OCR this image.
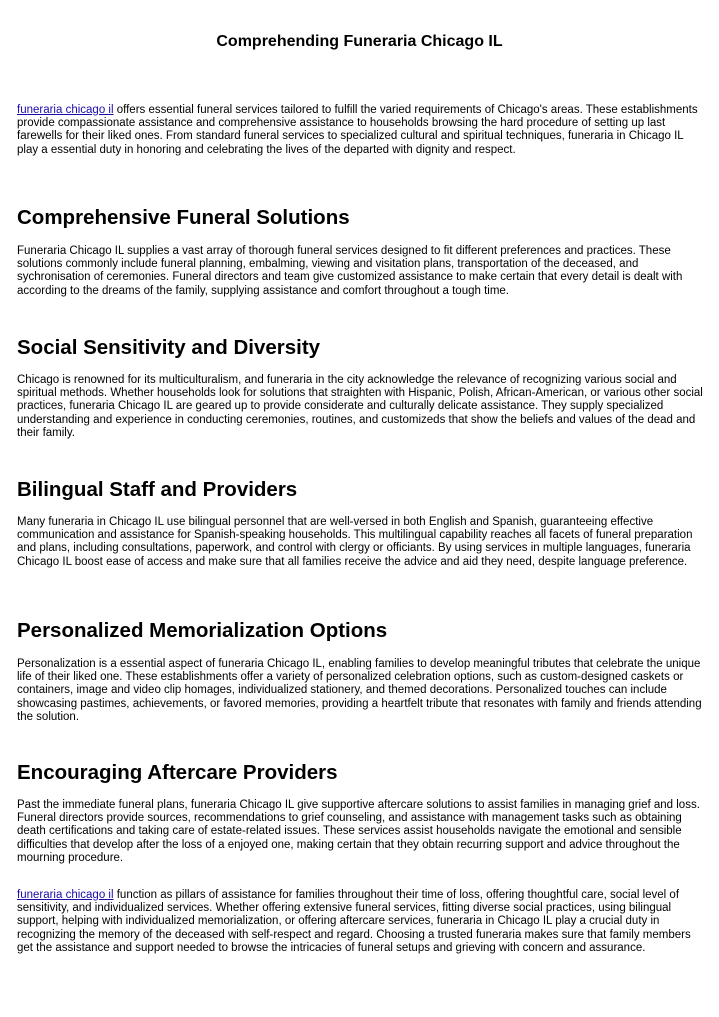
Comprehending Funeraria Chicago IL

funeraria chicago il offers essential funeral services tailored to fulfill the varied requirements of Chicago's areas. These establishments provide compassionate assistance and comprehensive assistance to households browsing the hard procedure of setting up last farewells for their liked ones. From standard funeral services to specialized cultural and spiritual techniques, funeraria in Chicago IL play a essential duty in honoring and celebrating the lives of the departed with dignity and respect.

Comprehensive Funeral Solutions

Funeraria Chicago IL supplies a vast array of thorough funeral services designed to fit different preferences and practices. These solutions commonly include funeral planning, embalming, viewing and visitation plans, transportation of the deceased, and sychronisation of ceremonies. Funeral directors and team give customized assistance to make certain that every detail is dealt with according to the dreams of the family, supplying assistance and comfort throughout a tough time.

Social Sensitivity and Diversity

Chicago is renowned for its multiculturalism, and funeraria in the city acknowledge the relevance of recognizing various social and spiritual methods. Whether households look for solutions that straighten with Hispanic, Polish, African-American, or various other social practices, funeraria Chicago IL are geared up to provide considerate and culturally delicate assistance. They supply specialized understanding and experience in conducting ceremonies, routines, and customizeds that show the beliefs and values of the dead and their family.

Bilingual Staff and Providers

Many funeraria in Chicago IL use bilingual personnel that are well-versed in both English and Spanish, guaranteeing effective communication and assistance for Spanish-speaking households. This multilingual capability reaches all facets of funeral preparation and plans, including consultations, paperwork, and control with clergy or officiants. By using services in multiple languages, funeraria Chicago IL boost ease of access and make sure that all families receive the advice and aid they need, despite language preference.

Personalized Memorialization Options

Personalization is a essential aspect of funeraria Chicago IL, enabling families to develop meaningful tributes that celebrate the unique life of their liked one. These establishments offer a variety of personalized celebration options, such as custom-designed caskets or containers, image and video clip homages, individualized stationery, and themed decorations. Personalized touches can include showcasing pastimes, achievements, or favored memories, providing a heartfelt tribute that resonates with family and friends attending the solution.

Encouraging Aftercare Providers

Past the immediate funeral plans, funeraria Chicago IL give supportive aftercare solutions to assist families in managing grief and loss. Funeral directors provide sources, recommendations to grief counseling, and assistance with management tasks such as obtaining death certifications and taking care of estate-related issues. These services assist households navigate the emotional and sensible difficulties that develop after the loss of a enjoyed one, making certain that they obtain recurring support and advice throughout the mourning procedure.

funeraria chicago il function as pillars of assistance for families throughout their time of loss, offering thoughtful care, social level of sensitivity, and individualized services. Whether offering extensive funeral services, fitting diverse social practices, using bilingual support, helping with individualized memorialization, or offering aftercare services, funeraria in Chicago IL play a crucial duty in recognizing the memory of the deceased with self-respect and regard. Choosing a trusted funeraria makes sure that family members get the assistance and support needed to browse the intricacies of funeral setups and grieving with concern and assurance.
